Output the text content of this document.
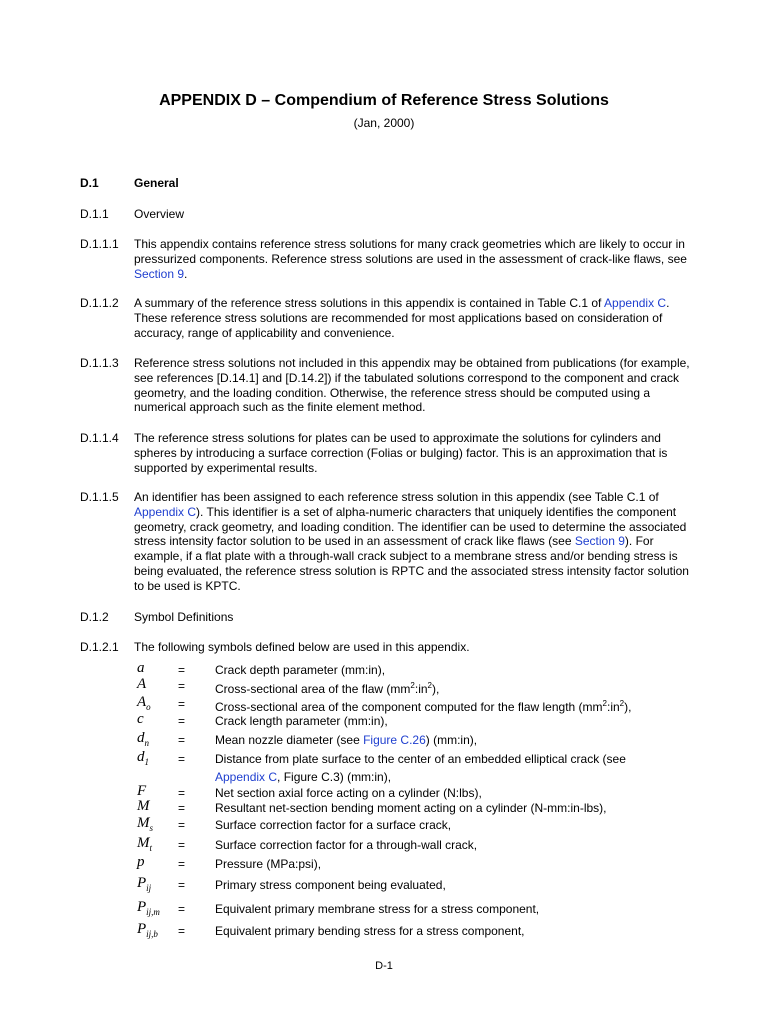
APPENDIX D – Compendium of Reference Stress Solutions
(Jan, 2000)
D.1	General
D.1.1 Overview
D.1.1.1 This appendix contains reference stress solutions for many crack geometries which are likely to occur in pressurized components. Reference stress solutions are used in the assessment of crack-like flaws, see Section 9.
D.1.1.2 A summary of the reference stress solutions in this appendix is contained in Table C.1 of Appendix C. These reference stress solutions are recommended for most applications based on consideration of accuracy, range of applicability and convenience.
D.1.1.3 Reference stress solutions not included in this appendix may be obtained from publications (for example, see references [D.14.1] and [D.14.2]) if the tabulated solutions correspond to the component and crack geometry, and the loading condition. Otherwise, the reference stress should be computed using a numerical approach such as the finite element method.
D.1.1.4 The reference stress solutions for plates can be used to approximate the solutions for cylinders and spheres by introducing a surface correction (Folias or bulging) factor. This is an approximation that is supported by experimental results.
D.1.1.5 An identifier has been assigned to each reference stress solution in this appendix (see Table C.1 of Appendix C). This identifier is a set of alpha-numeric characters that uniquely identifies the component geometry, crack geometry, and loading condition. The identifier can be used to determine the associated stress intensity factor solution to be used in an assessment of crack like flaws (see Section 9). For example, if a flat plate with a through-wall crack subject to a membrane stress and/or bending stress is being evaluated, the reference stress solution is RPTC and the associated stress intensity factor solution to be used is KPTC.
D.1.2 Symbol Definitions
D.1.2.1 The following symbols defined below are used in this appendix.
a	= Crack depth parameter (mm:in),
A	= Cross-sectional area of the flaw $(mm^2:in^2)$,
$A_o$ = Cross-sectional area of the component computed for the flaw length $(mm^2:in^2)$,
c	= Crack length parameter (mm:in),
$d_n$ = Mean nozzle diameter (see Figure C.26) (mm:in),
$d_1$ = Distance from plate surface to the center of an embedded elliptical crack (see
Appendix C, Figure C.3) (mm:in),
F	= Net section axial force acting on a cylinder (N:lbs),
M = Resultant net-section bending moment acting on a cylinder (N-mm:in-lbs),
$M_s$ = Surface correction factor for a surface crack,
$M_t$ = Surface correction factor for a through-wall crack,
p	= Pressure (MPa:psi),
$P_{ij}$ = Primary stress component being evaluated,
$P_{ij,m}$ = Equivalent primary membrane stress for a stress component,
$P_{ij,b}$ = Equivalent primary bending stress for a stress component,
D-1
